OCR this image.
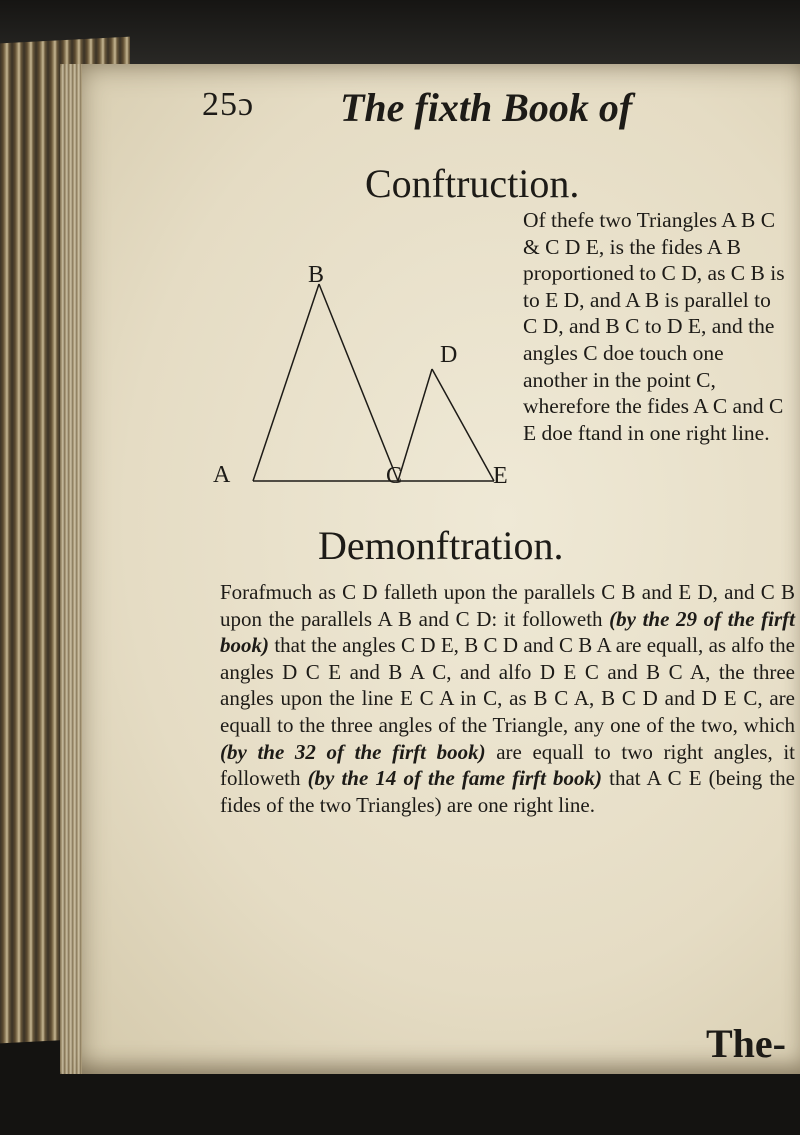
25ɔ The fixth Book of
Conftruction.
B
D
A	C	E

Of thefe two Triangles A B C & C D E, is the fides A B proportioned to C D, as C B is to E D, and A B is parallel to C D, and B C to D E, and the angles C doe touch one another in the point C, wherefore the fides A C and C E doe ftand in one right line.

Demonftration.

Forafmuch as C D falleth upon the parallels C B and E D, and C B upon the parallels A B and C D: it followeth (by the 29 of the firft book) that the angles C D E, B C D and C B A are equall, as alfo the angles D C E and B A C, and alfo D E C and B C A, the three angles upon the line E C A in C, as B C A, B C D and D E C, are equall to the three angles of the Triangle, any one of the two, which (by the 32 of the firft book) are equall to two right angles, it followeth (by the 14 of the fame firft book) that A C E (being the fides of the two Triangles) are one right line.

The-
